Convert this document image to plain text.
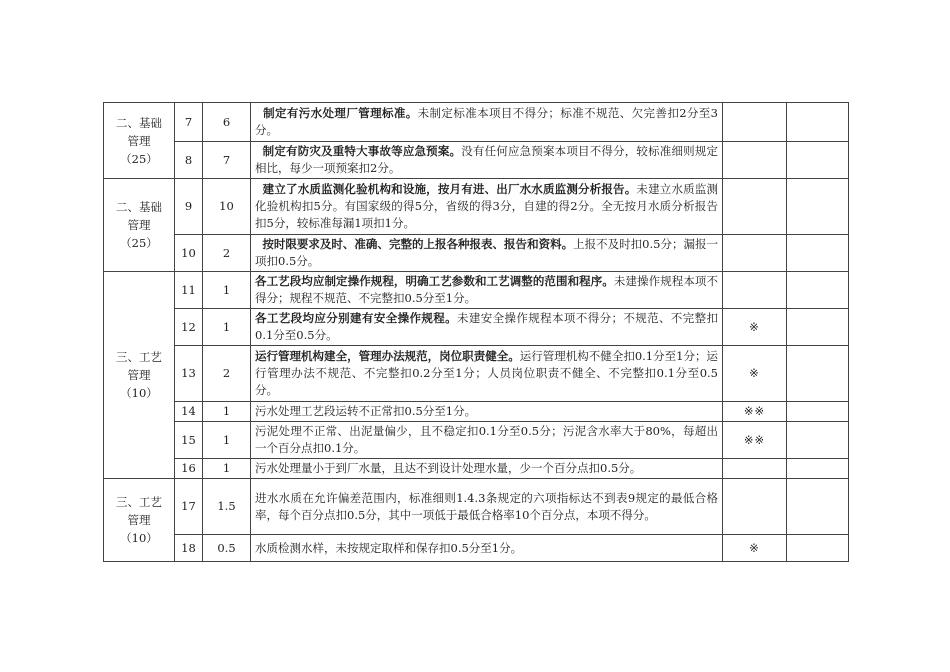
二、基础
管理
（25）	7	6	制定有污水处理厂管理标准。未制定标准本项目不得分；标准不规范、欠完善扣2分至3分。		
	8	7	制定有防灾及重特大事故等应急预案。没有任何应急预案本项目不得分，较标准细则规定相比，每少一项预案扣2分。		

二、基础
管理
（25）	9	10	建立了水质监测化验机构和设施，按月有进、出厂水水质监测分析报告。未建立水质监测化验机构扣5分。有国家级的得5分，省级的得3分，自建的得2分。全无按月水质分析报告扣5分，较标准每漏1项扣1分。		
	10	2	按时限要求及时、准确、完整的上报各种报表、报告和资料。上报不及时扣0.5分；漏报一项扣0.5分。		

三、工艺
管理
（10）	11	1	各工艺段均应制定操作规程，明确工艺参数和工艺调整的范围和程序。未建操作规程本项不得分；规程不规范、不完整扣0.5分至1分。		
	12	1	各工艺段均应分别建有安全操作规程。未建安全操作规程本项不得分；不规范、不完整扣0.1分至0.5分。	※	
	13	2	运行管理机构建全，管理办法规范，岗位职责健全。运行管理机构不健全扣0.1分至1分；运行管理办法不规范、不完整扣0.2分至1分；人员岗位职责不健全、不完整扣0.1分至0.5分。	※	
	14	1	污水处理工艺段运转不正常扣0.5分至1分。	※※	
	15	1	污泥处理不正常、出泥量偏少，且不稳定扣0.1分至0.5分；污泥含水率大于80%，每超出一个百分点扣0.1分。	※※	
	16	1	污水处理量小于到厂水量，且达不到设计处理水量，少一个百分点扣0.5分。		

三、工艺
管理
（10）	17	1.5	进水水质在允许偏差范围内，标准细则1.4.3条规定的六项指标达不到表9规定的最低合格率，每个百分点扣0.5分，其中一项低于最低合格率10个百分点，本项不得分。		
	18	0.5	水质检测水样，未按规定取样和保存扣0.5分至1分。	※	
